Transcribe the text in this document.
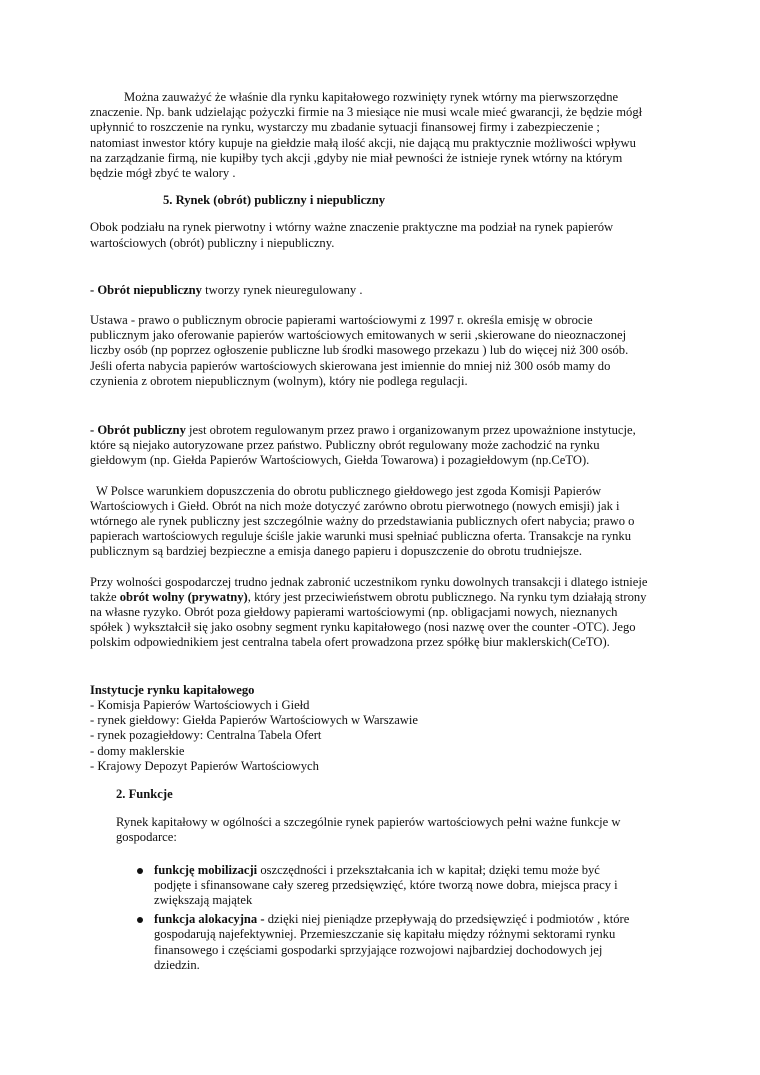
Można zauważyć że właśnie dla rynku kapitałowego rozwinięty rynek wtórny ma pierwszorzędne znaczenie. Np. bank udzielając pożyczki firmie na 3 miesiące nie musi wcale mieć gwarancji, że będzie mógł upłynnić to roszczenie na rynku, wystarczy mu zbadanie sytuacji finansowej firmy i zabezpieczenie ; natomiast inwestor który kupuje na giełdzie małą ilość akcji, nie dającą mu praktycznie możliwości wpływu na zarządzanie firmą, nie kupiłby tych akcji ,gdyby nie miał pewności że istnieje rynek wtórny na którym będzie mógł zbyć te walory .

5. Rynek (obrót) publiczny i niepubliczny

Obok podziału na rynek pierwotny i wtórny ważne znaczenie praktyczne ma podział na rynek papierów wartościowych (obrót) publiczny i niepubliczny.

- Obrót niepubliczny tworzy rynek nieuregulowany .

Ustawa - prawo o publicznym obrocie papierami wartościowymi z 1997 r. określa emisję w obrocie publicznym jako oferowanie papierów wartościowych emitowanych w serii ,skierowane do nieoznaczonej liczby osób (np poprzez ogłoszenie publiczne lub środki masowego przekazu ) lub do więcej niż 300 osób. Jeśli oferta nabycia papierów wartościowych skierowana jest imiennie do mniej niż 300 osób mamy do czynienia z obrotem niepublicznym (wolnym), który nie podlega regulacji.

- Obrót publiczny jest obrotem regulowanym przez prawo i organizowanym przez upoważnione instytucje, które są niejako autoryzowane przez państwo. Publiczny obrót regulowany może zachodzić na rynku giełdowym (np. Giełda Papierów Wartościowych, Giełda Towarowa) i pozagiełdowym (np.CeTO).

W Polsce warunkiem dopuszczenia do obrotu publicznego giełdowego jest zgoda Komisji Papierów Wartościowych i Giełd. Obrót na nich może dotyczyć zarówno obrotu pierwotnego (nowych emisji) jak i wtórnego ale rynek publiczny jest szczególnie ważny do przedstawiania publicznych ofert nabycia; prawo o papierach wartościowych reguluje ściśle jakie warunki musi spełniać publiczna oferta. Transakcje na rynku publicznym są bardziej bezpieczne a emisja danego papieru i dopuszczenie do obrotu trudniejsze.

Przy wolności gospodarczej trudno jednak zabronić uczestnikom rynku dowolnych transakcji i dlatego istnieje także obrót wolny (prywatny), który jest przeciwieństwem obrotu publicznego. Na rynku tym działają strony na własne ryzyko. Obrót poza giełdowy papierami wartościowymi (np. obligacjami nowych, nieznanych spółek ) wykształcił się jako osobny segment rynku kapitałowego (nosi nazwę over the counter -OTC). Jego polskim odpowiednikiem jest centralna tabela ofert prowadzona przez spółkę biur maklerskich(CeTO).

Instytucje rynku kapitałowego

- Komisja Papierów Wartościowych i Giełd
- rynek giełdowy: Giełda Papierów Wartościowych w Warszawie
- rynek pozagiełdowy: Centralna Tabela Ofert
- domy maklerskie
- Krajowy Depozyt Papierów Wartościowych

2. Funkcje

Rynek kapitałowy w ogólności a szczególnie rynek papierów wartościowych pełni ważne funkcje w gospodarce:

funkcję mobilizacji oszczędności i przekształcania ich w kapitał; dzięki temu może być podjęte i sfinansowane cały szereg przedsięwzięć, które tworzą nowe dobra, miejsca pracy i zwiększają majątek
funkcja alokacyjna - dzięki niej pieniądze przepływają do przedsięwzięć i podmiotów , które gospodarują najefektywniej. Przemieszczanie się kapitału między różnymi sektorami rynku finansowego i częściami gospodarki sprzyjające rozwojowi najbardziej dochodowych jej dziedzin.
